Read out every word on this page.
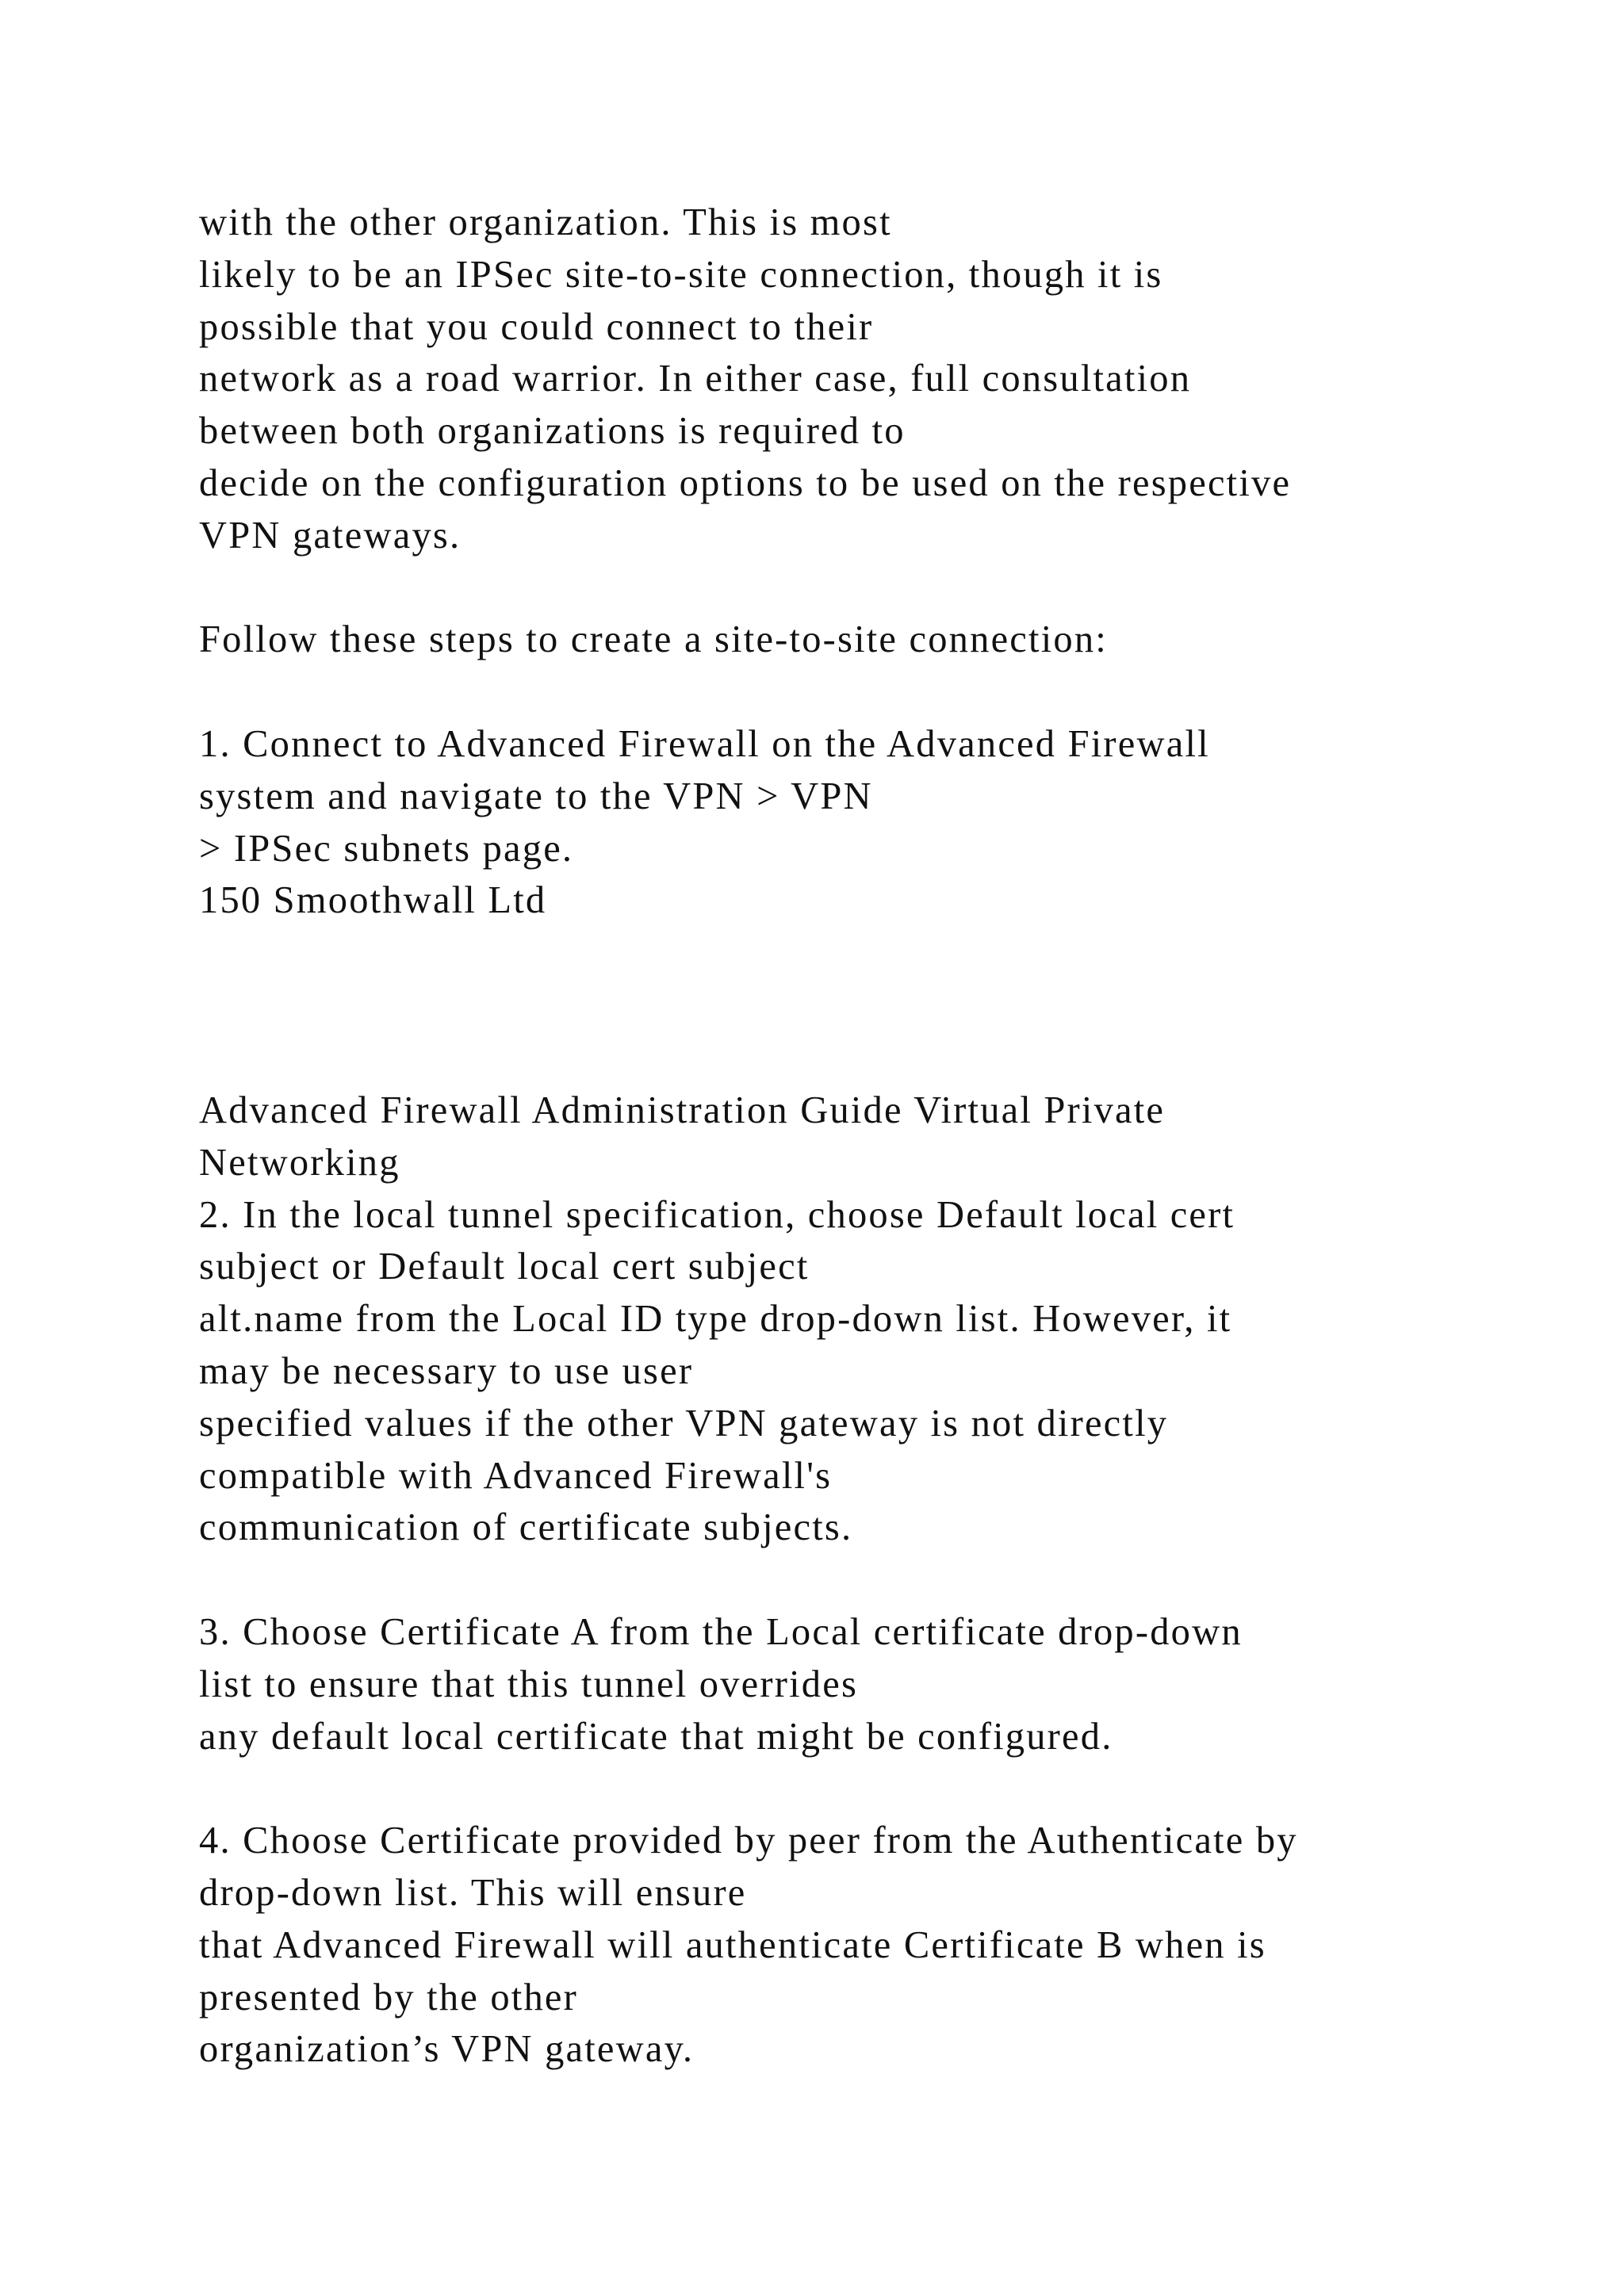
with the other organization. This is most
likely to be an IPSec site-to-site connection, though it is
possible that you could connect to their
network as a road warrior. In either case, full consultation
between both organizations is required to
decide on the configuration options to be used on the respective
VPN gateways.
Follow these steps to create a site-to-site connection:
1. Connect to Advanced Firewall on the Advanced Firewall
system and navigate to the VPN > VPN
> IPSec subnets page.
150 Smoothwall Ltd
Advanced Firewall Administration Guide Virtual Private
Networking
2. In the local tunnel specification, choose Default local cert
subject or Default local cert subject
alt.name from the Local ID type drop-down list. However, it
may be necessary to use user
specified values if the other VPN gateway is not directly
compatible with Advanced Firewall's
communication of certificate subjects.
3. Choose Certificate A from the Local certificate drop-down
list to ensure that this tunnel overrides
any default local certificate that might be configured.
4. Choose Certificate provided by peer from the Authenticate by
drop-down list. This will ensure
that Advanced Firewall will authenticate Certificate B when is
presented by the other
organization’s VPN gateway.
